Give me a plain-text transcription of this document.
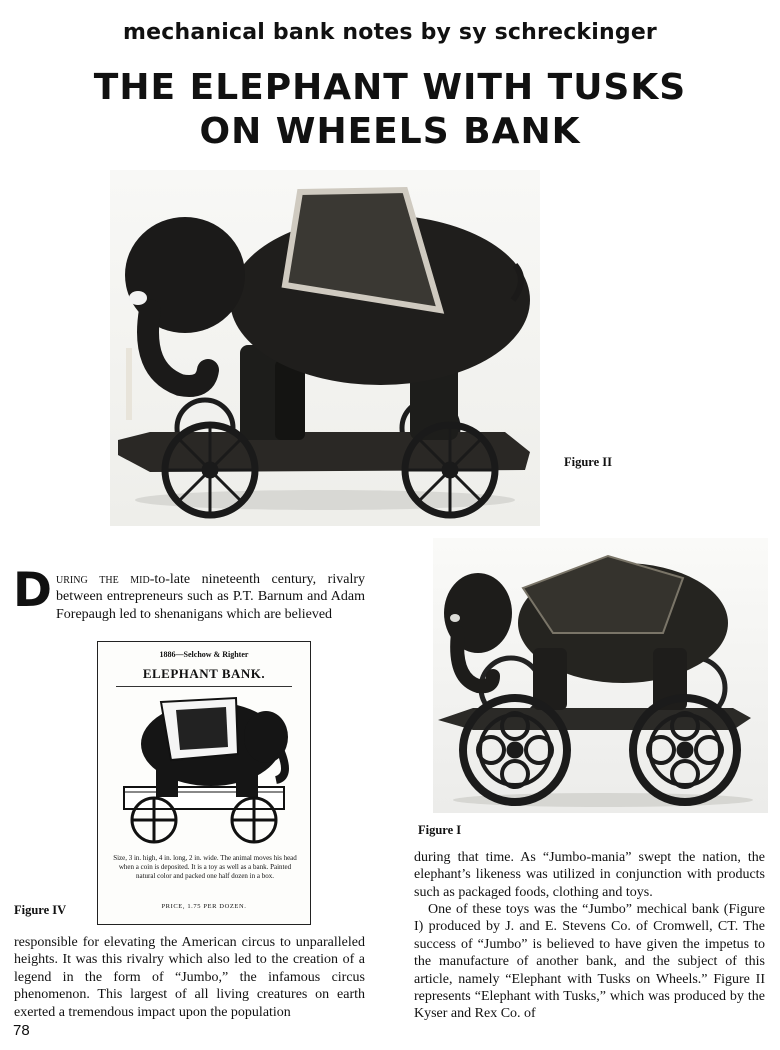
mechanical bank notes by sy schreckinger
THE ELEPHANT WITH TUSKS
ON WHEELS BANK
Figure II
Figure I
1886—Selchow & Righter
ELEPHANT BANK.
Size, 3 in. high, 4 in. long, 2 in. wide. The animal moves his head when a coin is deposited. It is a toy as well as a bank. Painted natural color and packed one half dozen in a box.
PRICE, 1.75 PER DOZEN.
Figure IV

During the mid-to-late nineteenth century, rivalry between entrepreneurs such as P.T. Barnum and Adam Forepaugh led to shenanigans which are believed

responsible for elevating the American circus to unparalleled heights. It was this rivalry which also led to the creation of a legend in the form of “Jumbo,” the infamous circus phenomenon. This largest of all living creatures on earth exerted a tremendous impact upon the population

during that time. As “Jumbo-mania” swept the nation, the elephant’s likeness was utilized in conjunction with products such as packaged foods, clothing and toys.

One of these toys was the “Jumbo” mechical bank (Figure I) produced by J. and E. Stevens Co. of Cromwell, CT. The success of “Jumbo” is believed to have given the impetus to the manufacture of another bank, and the subject of this article, namely “Elephant with Tusks on Wheels.” Figure II represents “Elephant with Tusks,” which was produced by the Kyser and Rex Co. of

78
